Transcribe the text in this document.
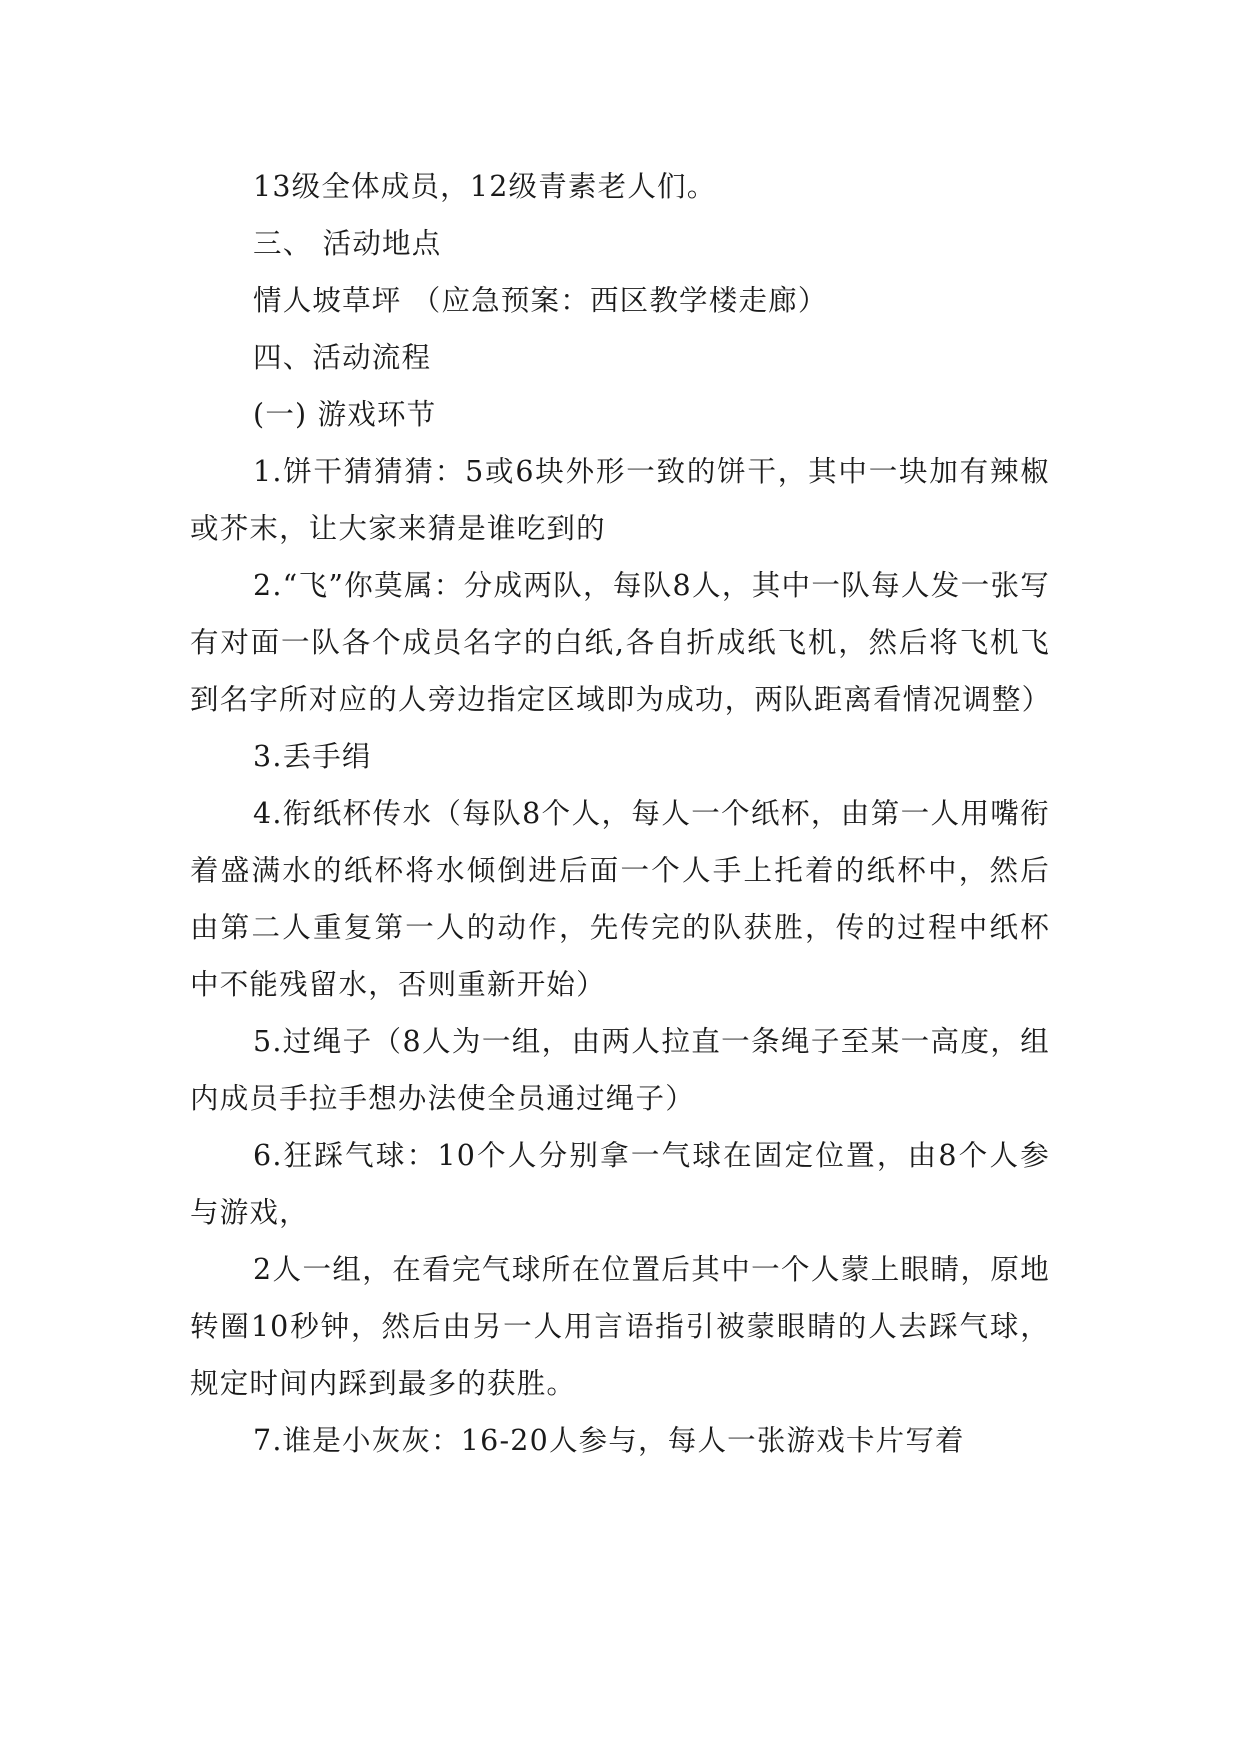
13级全体成员，12级青素老人们。

三、 活动地点

情人坡草坪 （应急预案：西区教学楼走廊）

四、活动流程

(一) 游戏环节

1.饼干猜猜猜：5或6块外形一致的饼干，其中一块加有辣椒或芥末，让大家来猜是谁吃到的

2.“飞”你莫属：分成两队，每队8人，其中一队每人发一张写有对面一队各个成员名字的白纸,各自折成纸飞机，然后将飞机飞到名字所对应的人旁边指定区域即为成功，两队距离看情况调整）

3.丢手绢

4.衔纸杯传水（每队8个人，每人一个纸杯，由第一人用嘴衔着盛满水的纸杯将水倾倒进后面一个人手上托着的纸杯中，然后由第二人重复第一人的动作，先传完的队获胜，传的过程中纸杯中不能残留水，否则重新开始）

5.过绳子（8人为一组，由两人拉直一条绳子至某一高度，组内成员手拉手想办法使全员通过绳子）

6.狂踩气球：10个人分别拿一气球在固定位置，由8个人参与游戏，

2人一组，在看完气球所在位置后其中一个人蒙上眼睛，原地转圈10秒钟，然后由另一人用言语指引被蒙眼睛的人去踩气球，规定时间内踩到最多的获胜。

7.谁是小灰灰：16-20人参与，每人一张游戏卡片写着
